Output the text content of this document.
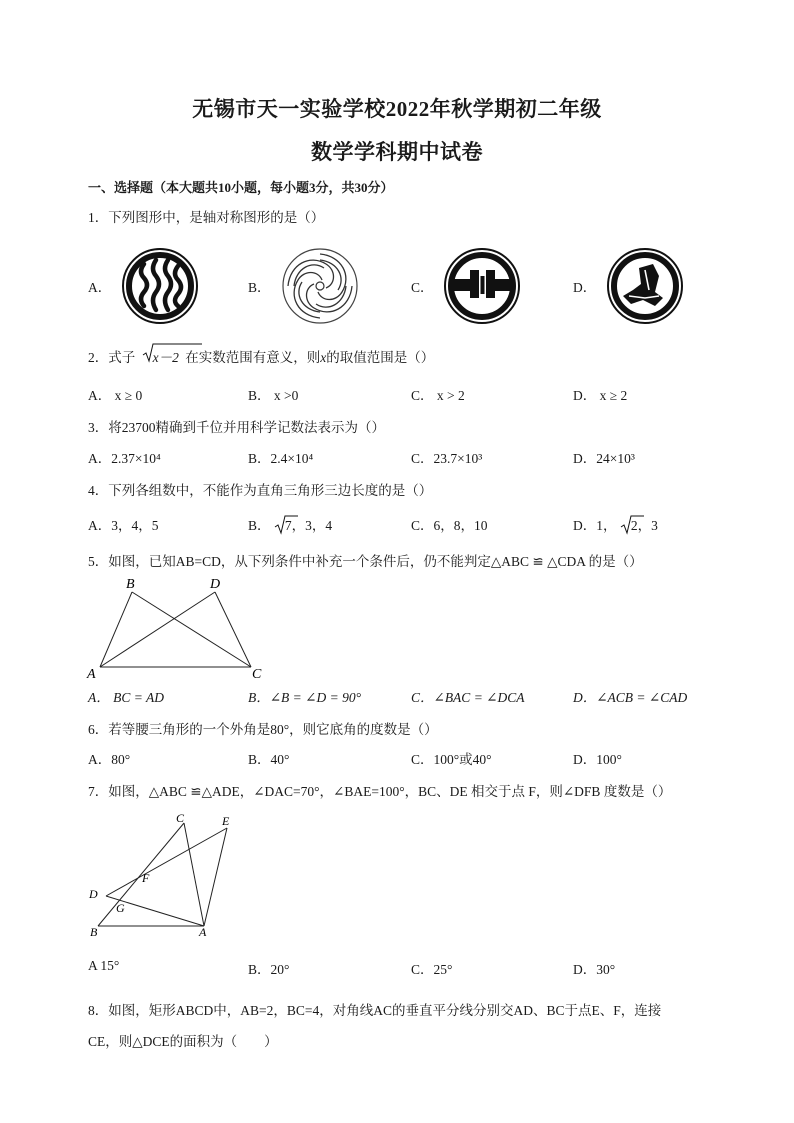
无锡市天一实验学校2022年秋学期初二年级
数学学科期中试卷
一、选择题（本大题共10小题，每小题3分，共30分）
1．下列图形中，是轴对称图形的是（）
A．	B．	C．	D．
2．式子 x－2 在实数范围有意义，则x的取值范围是（）
A． x ≥ 0	B． x >0	C． x > 2	D． x ≥ 2
3．将23700精确到千位并用科学记数法表示为（）
A．2.37×10⁴	B．2.4×10⁴	C．23.7×10³	D．24×10³
4．下列各组数中，不能作为直角三角形三边长度的是（）
A．3，4，5	B． 7，3，4	C．6，8，10	D．1， 2，3
5．如图，已知AB=CD，从下列条件中补充一个条件后，仍不能判定△ABC ≌ △CDA 的是（）
B	D
A	C
A． BC = AD	B．∠B = ∠D = 90°	C．∠BAC = ∠DCA	D．∠ACB = ∠CAD
6．若等腰三角形的一个外角是80°，则它底角的度数是（）
A．80°	B．40°	C．100°或40°	D．100°
7．如图，△ABC ≌△ADE，∠DAC=70°，∠BAE=100°，BC、DE 相交于点 F，则∠DFB 度数是（）
C	E
F
D
G
B	A
A 15°	B．20°	C．25°	D．30°
8．如图，矩形ABCD中，AB=2，BC=4，对角线AC的垂直平分线分别交AD、BC于点E、F，连接
CE，则△DCE的面积为（　　）
